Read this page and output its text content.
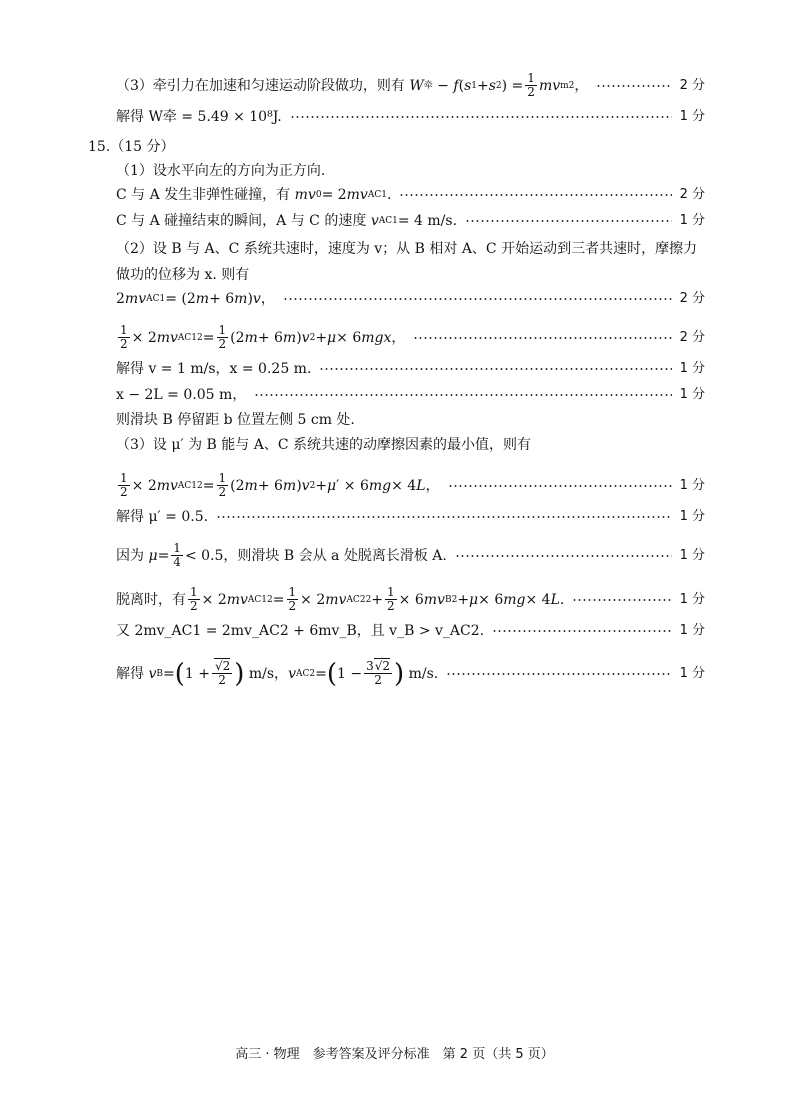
（3）牵引力在加速和匀速运动阶段做功，则有
W 牵 − f ( s 1 + s 2 ) = $\frac{1}{2}$ mv m 2 ，	2 分
解得
W牵 = 5.49 × 10⁸J.	1 分
15.（15 分）
（1）设水平向左的方向为正方向.
C 与 A 发生非弹性碰撞，有
mv 0 = 2 mv AC1 .	2 分
C 与 A 碰撞结束的瞬间，A 与 C 的速度
v AC1 = 4 m/s.	1 分
（2）设 B 与 A、C 系统共速时，速度为 v；从 B 相对 A、C 开始运动到三者共速时，摩擦力做功的位移为 x. 则有
2 mv AC1 = (2 m + 6 m ) v ，	2 分
$\frac{1}{2} \times 2$ mv AC1 $2 = \frac{1}{2} (2$ m + 6 m ) v 2 + μ × 6 mgx ，	2 分
解得 v = 1 m/s，x = 0.25 m.	1 分
x − 2L = 0.05 m，	1 分
则滑块 B 停留距 b 位置左侧 5 cm 处.
（3）设 μ′ 为 B 能与 A、C 系统共速的动摩擦因素的最小值，则有
$\frac{1}{2} \times 2$ mv AC1 $2 = \frac{1}{2} (2$ m + 6 m ) v 2 + μ ′ × 6 mg × 4 L ，	1 分
解得 μ′ = 0.5.	1 分
因为
$\mu = \frac{1}{4} < 0.5$，则滑块 B 会从 a 处脱离长滑板 A.	1 分
脱离时，有 $\frac{1}{2} \times 2$ mv AC1 $2 = \frac{1}{2} \times 2$ mv AC2 $2 + \frac{1}{2} \times 6$ mv B 2 + μ × 6 mg × 4 L .	1 分
又 2mv_AC1 = 2mv_AC2 + 6mv_B，且 v_B > v_AC2.	1 分
解得
v B = ( $1 + \frac{√2}{2}$ ) m/s， v AC2 = ( $1 - \frac{3√2}{2}$ ) m/s.	1 分
高三 · 物理　参考答案及评分标准　第 2 页（共 5 页）
